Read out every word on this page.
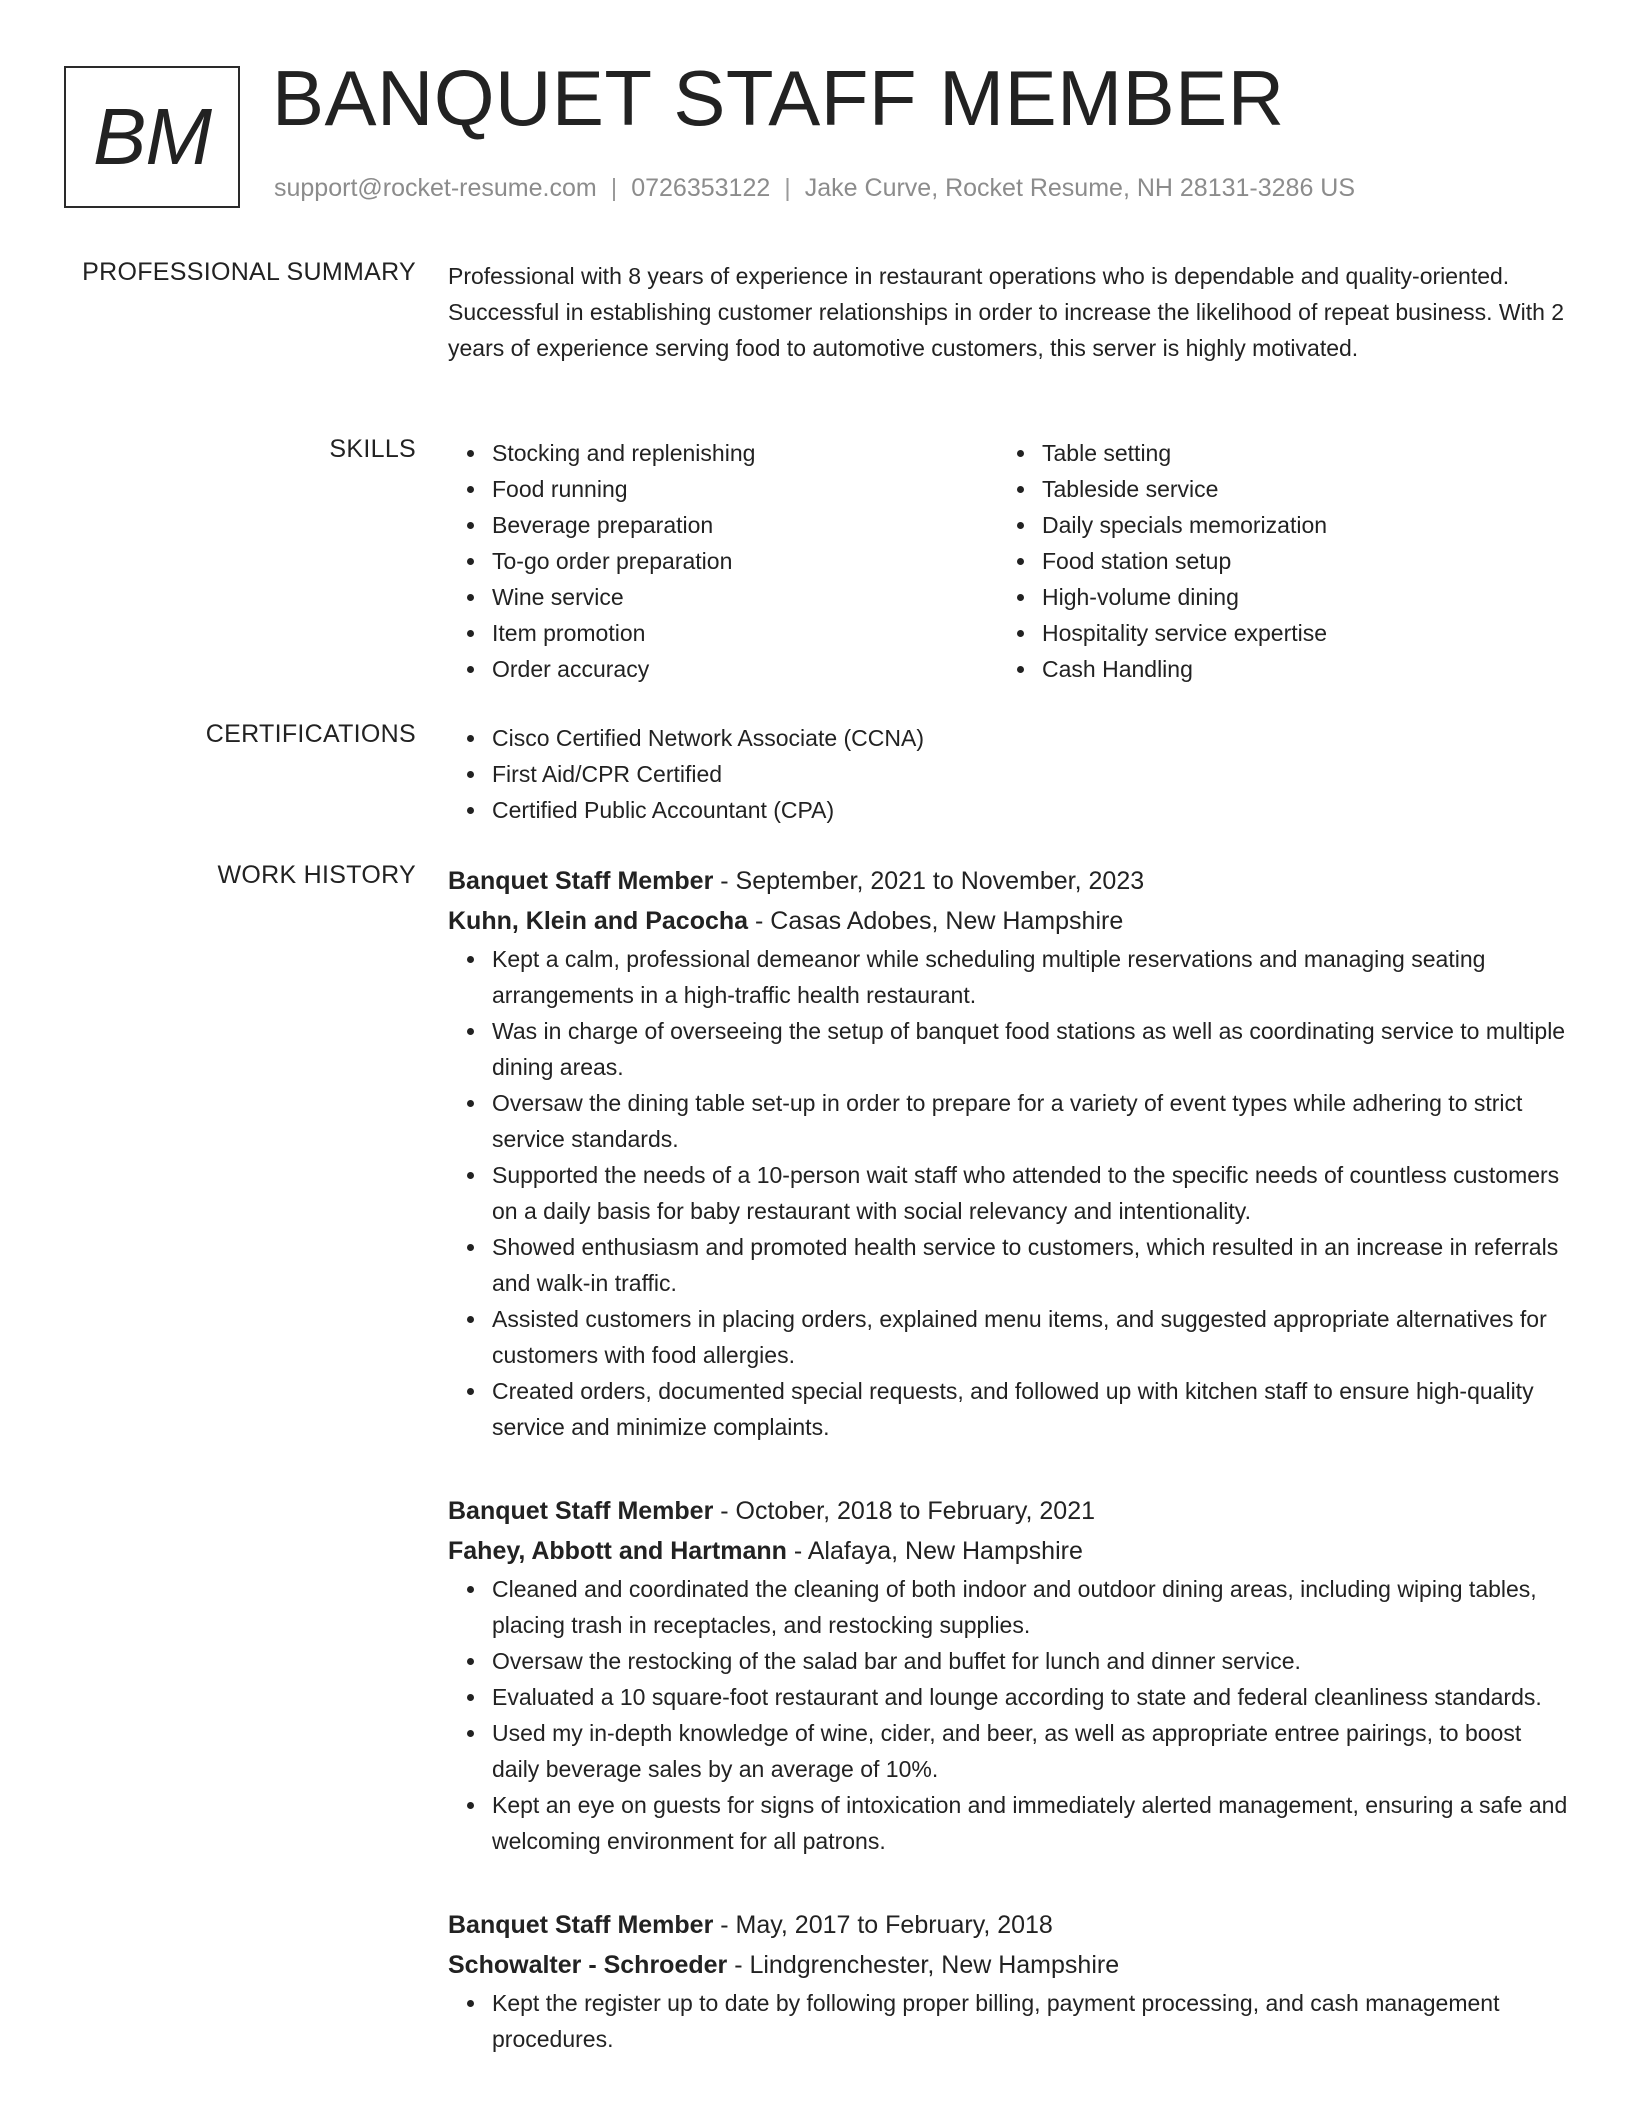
BM BANQUET STAFF MEMBER
support@rocket-resume.com | 0726353122 | Jake Curve, Rocket Resume, NH 28131-3286 US
PROFESSIONAL SUMMARY Professional with 8 years of experience in restaurant operations who is dependable and quality-oriented. Successful in establishing customer relationships in order to increase the likelihood of repeat business. With 2 years of experience serving food to automotive customers, this server is highly motivated.

SKILLS	Stocking and replenishing
Food running
Beverage preparation
To-go order preparation
Wine service
Item promotion
Order accuracy
Table setting
Tableside service
Daily specials memorization
Food station setup
High-volume dining
Hospitality service expertise
Cash Handling
CERTIFICATIONS	Cisco Certified Network Associate (CCNA)
First Aid/CPR Certified
Certified Public Accountant (CPA)
WORK HISTORY Banquet Staff Member - September, 2021 to November, 2023
Kuhn, Klein and Pacocha - Casas Adobes, New Hampshire
Kept a calm, professional demeanor while scheduling multiple reservations and managing seating arrangements in a high-traffic health restaurant.
Was in charge of overseeing the setup of banquet food stations as well as coordinating service to multiple dining areas.
Oversaw the dining table set-up in order to prepare for a variety of event types while adhering to strict service standards.
Supported the needs of a 10-person wait staff who attended to the specific needs of countless customers on a daily basis for baby restaurant with social relevancy and intentionality.
Showed enthusiasm and promoted health service to customers, which resulted in an increase in referrals and walk-in traffic.
Assisted customers in placing orders, explained menu items, and suggested appropriate alternatives for customers with food allergies.
Created orders, documented special requests, and followed up with kitchen staff to ensure high-quality service and minimize complaints.
Banquet Staff Member - October, 2018 to February, 2021
Fahey, Abbott and Hartmann - Alafaya, New Hampshire
Cleaned and coordinated the cleaning of both indoor and outdoor dining areas, including wiping tables, placing trash in receptacles, and restocking supplies.
Oversaw the restocking of the salad bar and buffet for lunch and dinner service.
Evaluated a 10 square-foot restaurant and lounge according to state and federal cleanliness standards.
Used my in-depth knowledge of wine, cider, and beer, as well as appropriate entree pairings, to boost daily beverage sales by an average of 10%.
Kept an eye on guests for signs of intoxication and immediately alerted management, ensuring a safe and welcoming environment for all patrons.
Banquet Staff Member - May, 2017 to February, 2018
Schowalter - Schroeder - Lindgrenchester, New Hampshire
Kept the register up to date by following proper billing, payment processing, and cash management procedures.
